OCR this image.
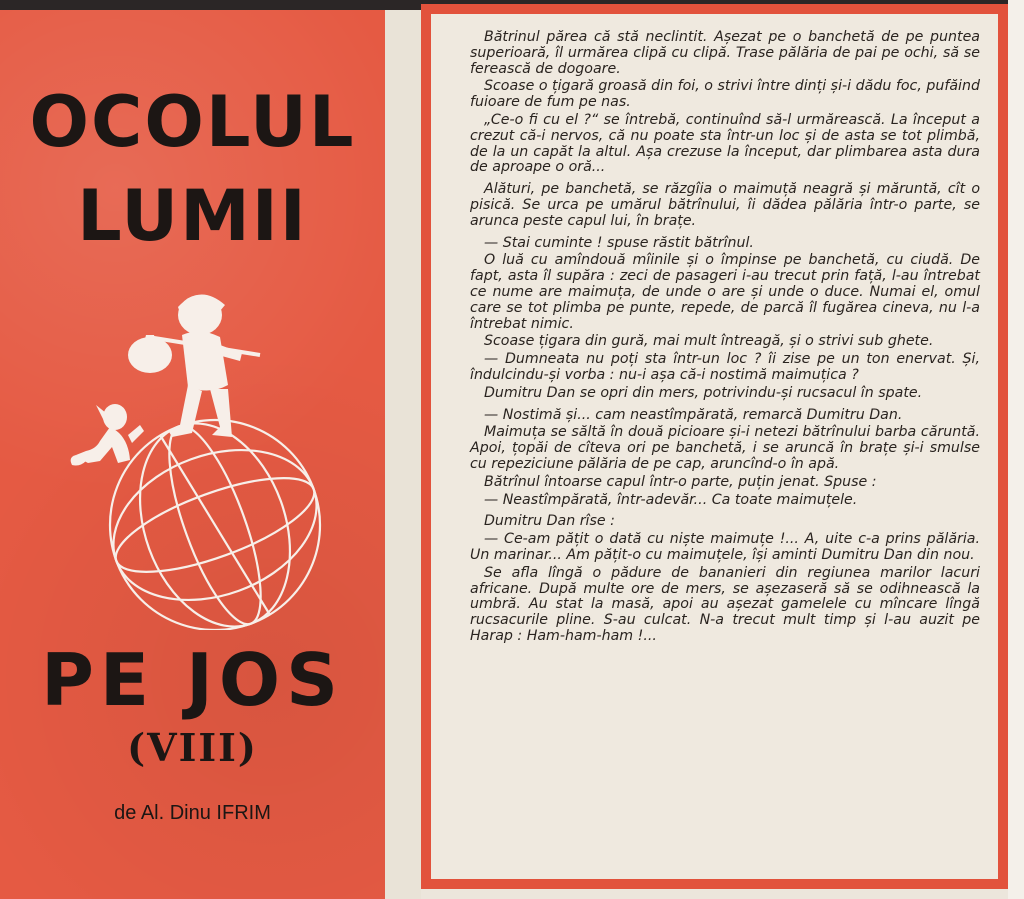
OCOLUL
LUMII
PE JOS
(VIII)
de Al. Dinu IFRIM

Bătrinul părea că stă neclintit. Așezat pe o banchetă de pe puntea superioară, îl urmărea clipă cu clipă. Trase pălăria de pai pe ochi, să se ferească de dogoare.

Scoase o țigară groasă din foi, o strivi între dinți și-i dădu foc, pufăind fuioare de fum pe nas.

„Ce-o fi cu el ?“ se întrebă, continuînd să-l urmărească. La început a crezut că-i nervos, că nu poate sta într-un loc și de asta se tot plimbă, de la un capăt la altul. Așa crezuse la început, dar plimbarea asta dura de aproape o oră...

Alături, pe banchetă, se răzgîia o maimuță neagră și măruntă, cît o pisică. Se urca pe umărul bătrînului, îi dădea pălăria într-o parte, se arunca peste capul lui, în brațe.

— Stai cuminte ! spuse răstit bătrînul.

O luă cu amîndouă mîinile și o împinse pe banchetă, cu ciudă. De fapt, asta îl supăra : zeci de pasageri i-au trecut prin față, l-au întrebat ce nume are maimuța, de unde o are și unde o duce. Numai el, omul care se tot plimba pe punte, repede, de parcă îl fugărea cineva, nu l-a întrebat nimic.

Scoase țigara din gură, mai mult întreagă, și o strivi sub ghete.

— Dumneata nu poți sta într-un loc ? îi zise pe un ton enervat. Și, îndulcindu-și vorba : nu-i așa că-i nostimă maimuțica ?

Dumitru Dan se opri din mers, potrivindu-și rucsacul în spate.

— Nostimă și... cam neastîmpărată, remarcă Dumitru Dan.

Maimuța se săltă în două picioare și-i netezi bătrînului barba căruntă. Apoi, țopăi de cîteva ori pe banchetă, i se aruncă în brațe și-i smulse cu repeziciune pălăria de pe cap, aruncînd-o în apă.

Bătrînul întoarse capul într-o parte, puțin jenat. Spuse :

— Neastîmpărată, într-adevăr... Ca toate maimuțele.

Dumitru Dan rîse :

— Ce-am pățit o dată cu niște maimuțe !... A, uite c-a prins pălăria. Un marinar... Am pățit-o cu maimuțele, își aminti Dumitru Dan din nou.

Se afla lîngă o pădure de bananieri din regiunea marilor lacuri africane. După multe ore de mers, se așezaseră să se odihnească la umbră. Au stat la masă, apoi au așezat gamelele cu mîncare lîngă rucsacurile pline. S-au culcat. N-a trecut mult timp și l-au auzit pe Harap : Ham-ham-ham !...
